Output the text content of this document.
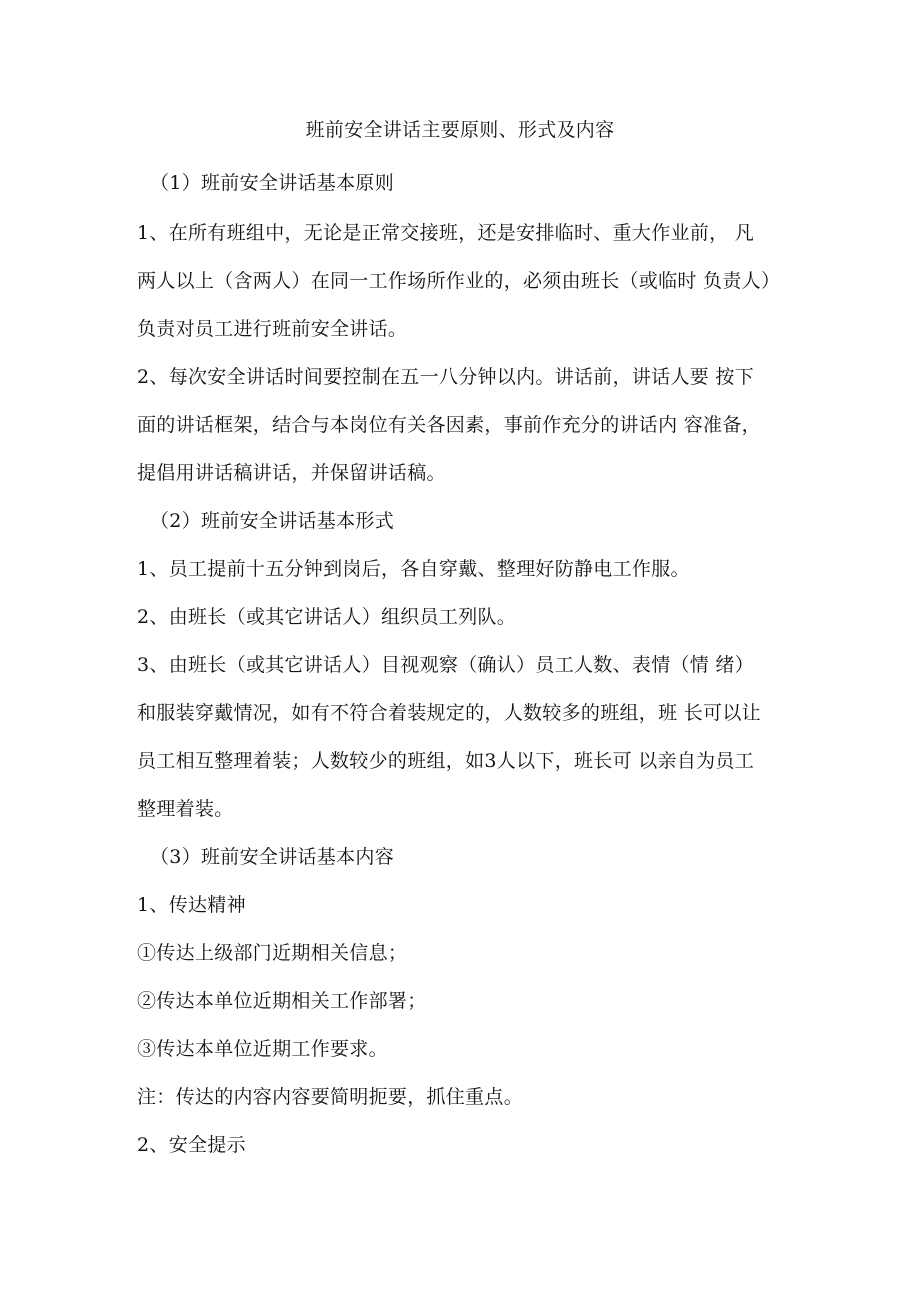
班前安全讲话主要原则、形式及内容
（1）班前安全讲话基本原则
1、在所有班组中，无论是正常交接班，还是安排临时、重大作业前， 凡
两人以上（含两人）在同一工作场所作业的，必须由班长（或临时 负责人）
负责对员工进行班前安全讲话。
2、每次安全讲话时间要控制在五一八分钟以内。讲话前，讲话人要 按下
面的讲话框架，结合与本岗位有关各因素，事前作充分的讲话内 容准备，
提倡用讲话稿讲话，并保留讲话稿。
（2）班前安全讲话基本形式
1、员工提前十五分钟到岗后，各自穿戴、整理好防静电工作服。
2、由班长（或其它讲话人）组织员工列队。
3、由班长（或其它讲话人）目视观察（确认）员工人数、表情（情 绪）
和服装穿戴情况，如有不符合着装规定的，人数较多的班组，班 长可以让
员工相互整理着装；人数较少的班组，如3人以下，班长可 以亲自为员工
整理着装。
（3）班前安全讲话基本内容
1、传达精神
①传达上级部门近期相关信息；
②传达本单位近期相关工作部署；
③传达本单位近期工作要求。
注：传达的内容内容要简明扼要，抓住重点。
2、安全提示
